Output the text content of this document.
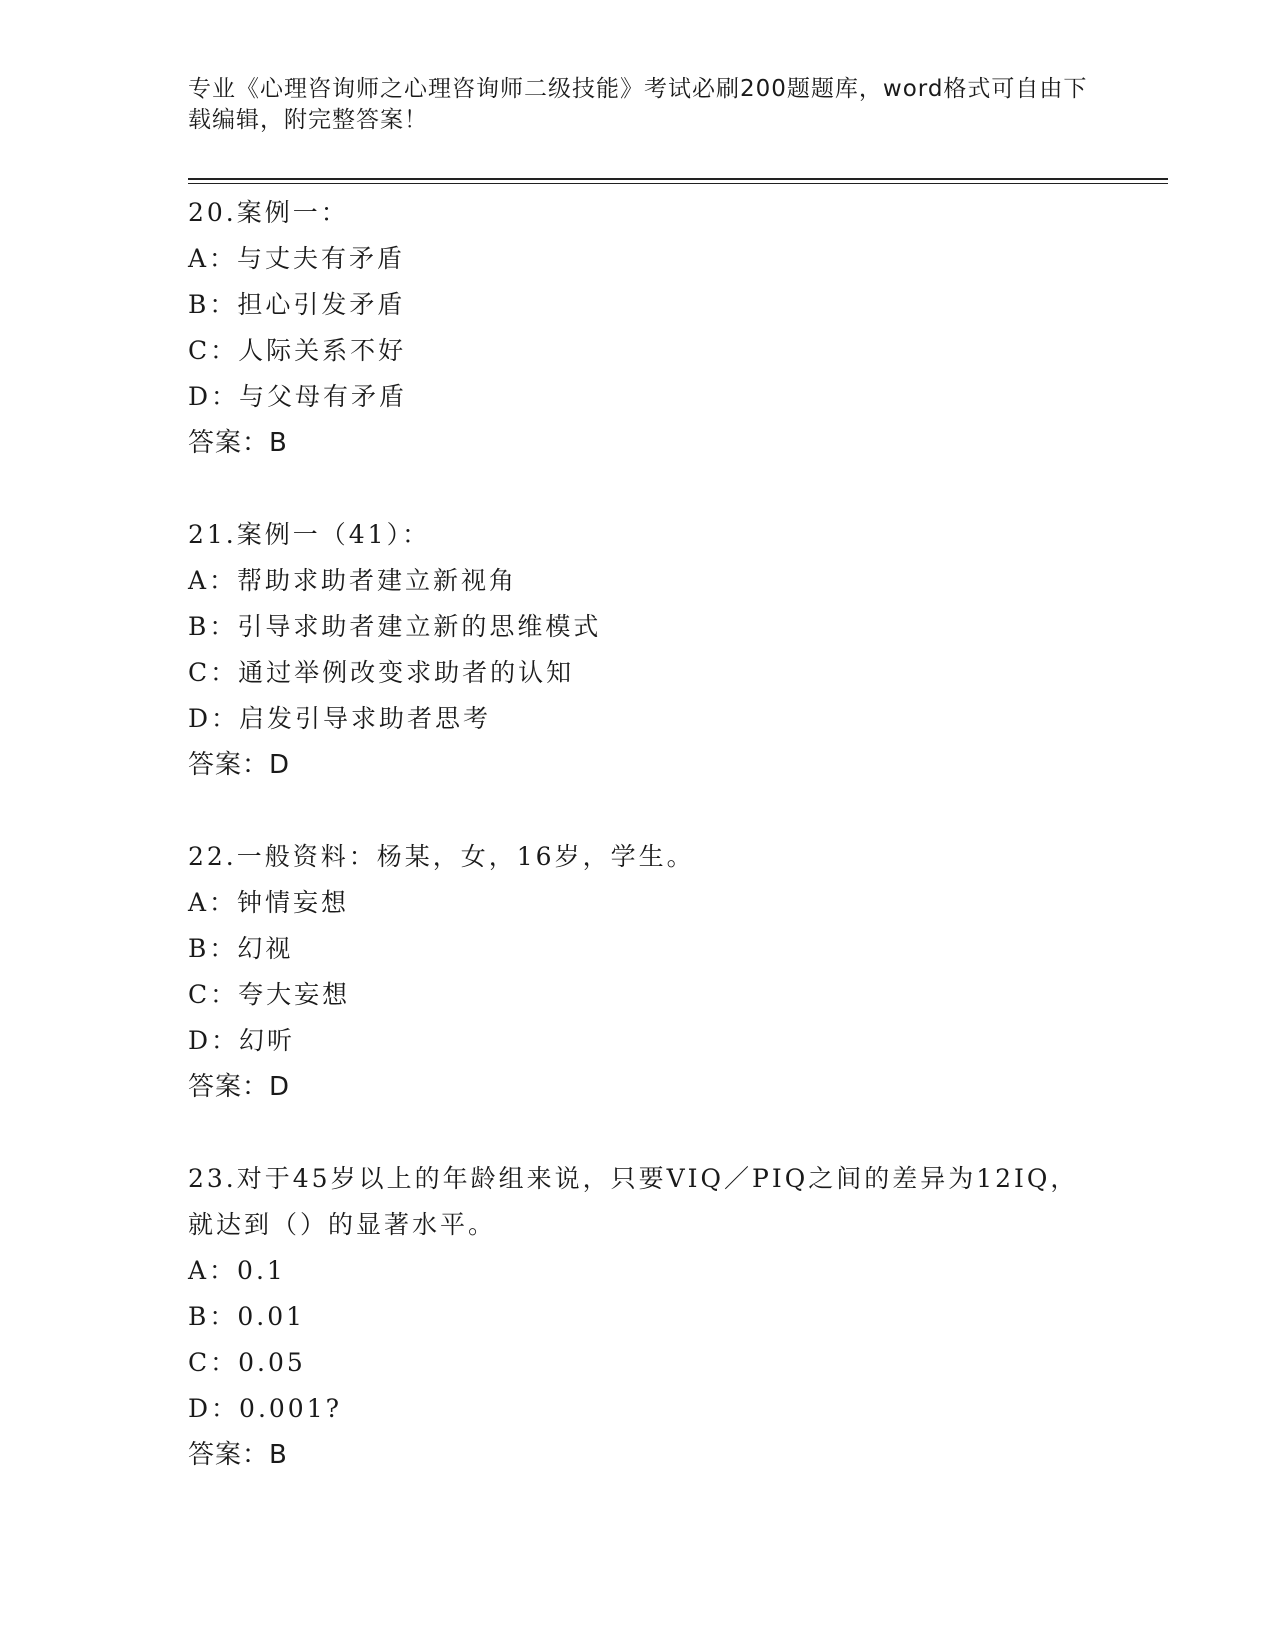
专业《心理咨询师之心理咨询师二级技能》考试必刷200题题库，word格式可自由下载编辑，附完整答案！
20.案例一：
A：与丈夫有矛盾
B：担心引发矛盾
C：人际关系不好
D：与父母有矛盾
答案：B
21.案例一（41）：
A：帮助求助者建立新视角
B：引导求助者建立新的思维模式
C：通过举例改变求助者的认知
D：启发引导求助者思考
答案：D
22.一般资料：杨某，女，16岁，学生。
A：钟情妄想
B：幻视
C：夸大妄想
D：幻听
答案：D
23.对于45岁以上的年龄组来说，只要VIQ／PIQ之间的差异为12IQ，就达到（）的显著水平。
A：0.1
B：0.01
C：0.05
D：0.001?
答案：B
